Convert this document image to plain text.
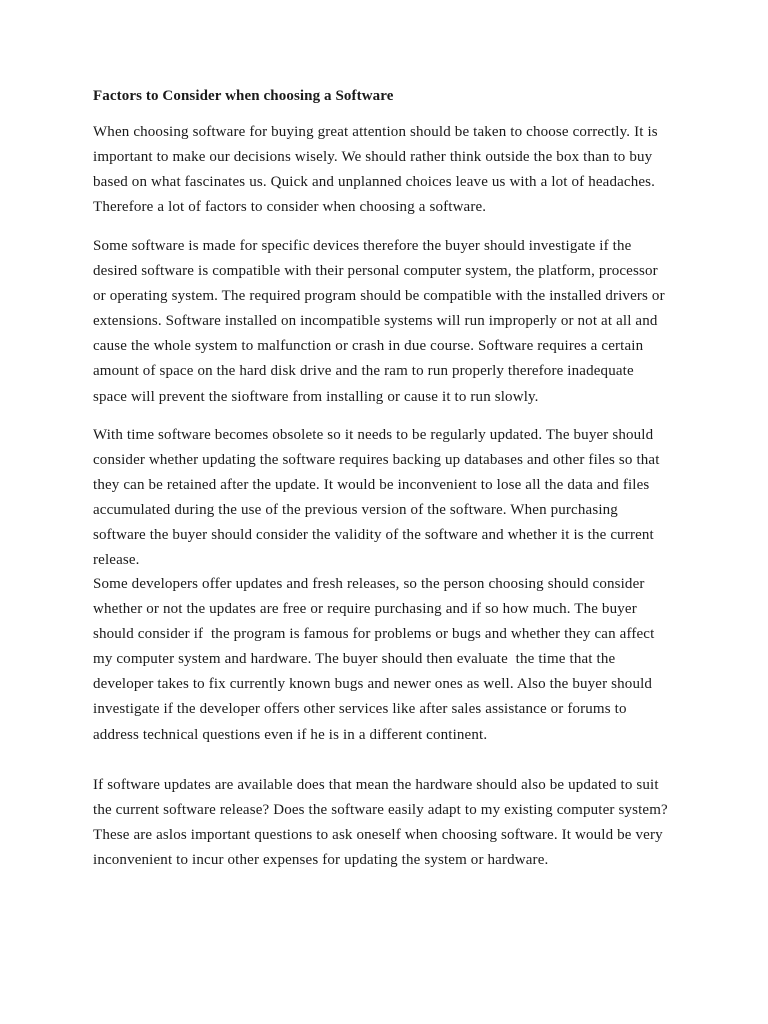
Factors to Consider when choosing a Software
When choosing software for buying great attention should be taken to choose correctly. It is
important to make our decisions wisely. We should rather think outside the box than to buy
based on what fascinates us. Quick and unplanned choices leave us with a lot of headaches.
Therefore a lot of factors to consider when choosing a software.
Some software is made for specific devices therefore the buyer should investigate if the
desired software is compatible with their personal computer system, the platform, processor
or operating system. The required program should be compatible with the installed drivers or
extensions. Software installed on incompatible systems will run improperly or not at all and
cause the whole system to malfunction or crash in due course. Software requires a certain
amount of space on the hard disk drive and the ram to run properly therefore inadequate
space will prevent the sioftware from installing or cause it to run slowly.
With time software becomes obsolete so it needs to be regularly updated. The buyer should
consider whether updating the software requires backing up databases and other files so that
they can be retained after the update. It would be inconvenient to lose all the data and files
accumulated during the use of the previous version of the software. When purchasing
software the buyer should consider the validity of the software and whether it is the current
release.
Some developers offer updates and fresh releases, so the person choosing should consider
whether or not the updates are free or require purchasing and if so how much. The buyer
should consider if  the program is famous for problems or bugs and whether they can affect
my computer system and hardware. The buyer should then evaluate  the time that the
developer takes to fix currently known bugs and newer ones as well. Also the buyer should
investigate if the developer offers other services like after sales assistance or forums to
address technical questions even if he is in a different continent.
If software updates are available does that mean the hardware should also be updated to suit
the current software release? Does the software easily adapt to my existing computer system?
These are aslos important questions to ask oneself when choosing software. It would be very
inconvenient to incur other expenses for updating the system or hardware.
